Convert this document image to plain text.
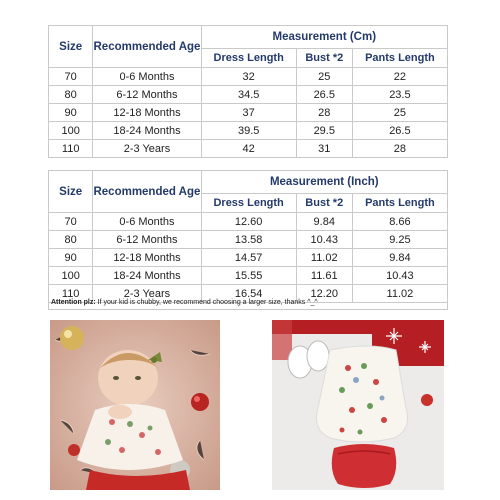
Size	Recommended Age	Measurement (Cm)		
		Dress Length	Bust *2	Pants Length
70	0-6 Months	32	25	22
80	6-12 Months	34.5	26.5	23.5
90	12-18 Months	37	28	25
100	18-24 Months	39.5	29.5	26.5
110	2-3 Years	42	31	28
Size	Recommended Age	Measurement (Inch)		
		Dress Length	Bust *2	Pants Length
70	0-6 Months	12.60	9.84	8.66
80	6-12 Months	13.58	10.43	9.25
90	12-18 Months	14.57	11.02	9.84
100	18-24 Months	15.55	11.61	10.43
110	2-3 Years	16.54	12.20	11.02
Attention plz: If your kid is chubby, we recommend choosing a larger size, thanks ^_^
